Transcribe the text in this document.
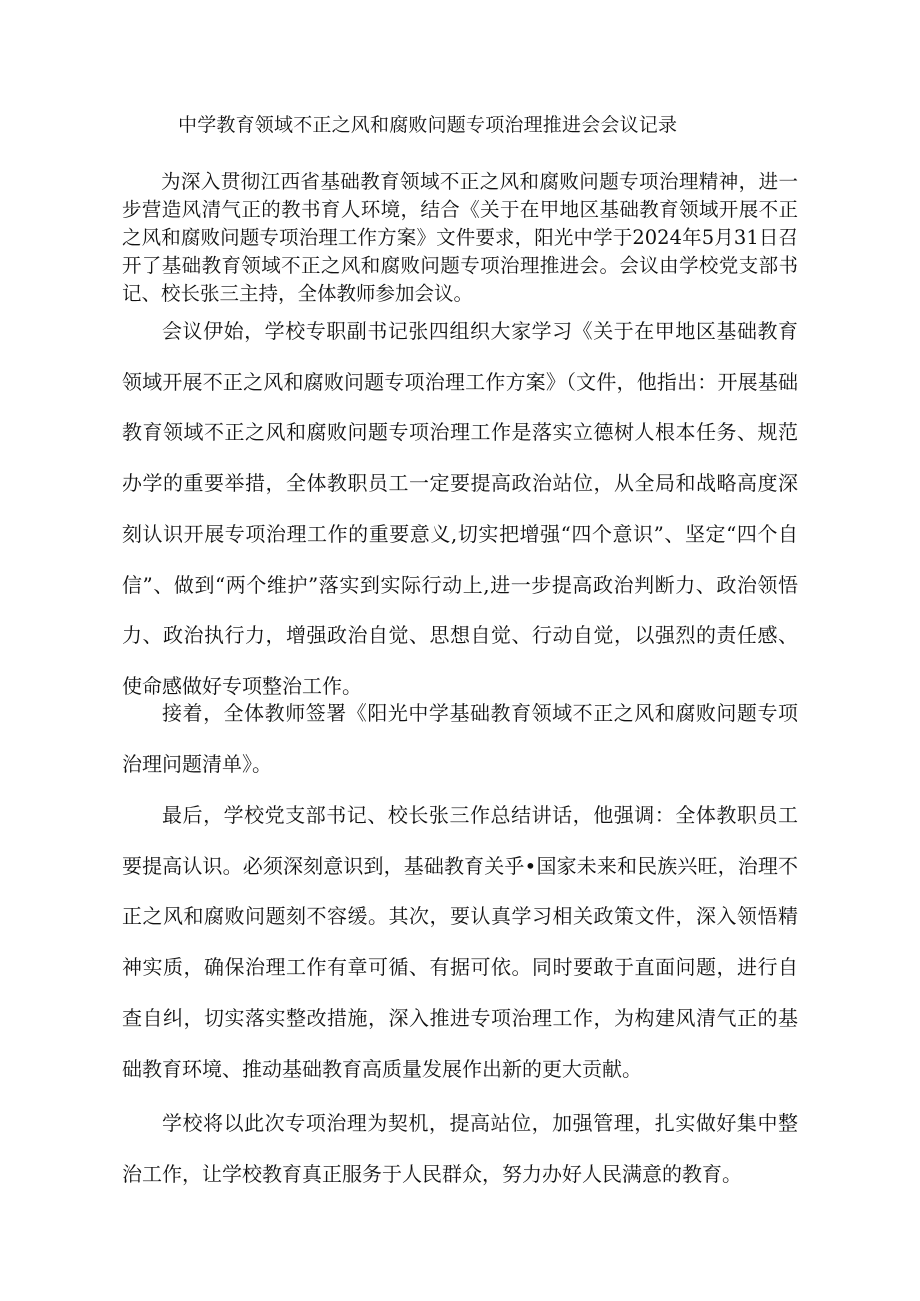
中学教育领域不正之风和腐败问题专项治理推进会会议记录

为深入贯彻江西省基础教育领域不正之风和腐败问题专项治理精神，进一步营造风清气正的教书育人环境，结合《关于在甲地区基础教育领域开展不正之风和腐败问题专项治理工作方案》文件要求，阳光中学于2024年5月31日召开了基础教育领域不正之风和腐败问题专项治理推进会。会议由学校党支部书记、校长张三主持，全体教师参加会议。

会议伊始，学校专职副书记张四组织大家学习《关于在甲地区基础教育领域开展不正之风和腐败问题专项治理工作方案》（文件，他指出：开展基础教育领域不正之风和腐败问题专项治理工作是落实立德树人根本任务、规范办学的重要举措，全体教职员工一定要提高政治站位，从全局和战略高度深刻认识开展专项治理工作的重要意义,切实把增强“四个意识”、坚定“四个自信”、做到“两个维护”落实到实际行动上,进一步提高政治判断力、政治领悟力、政治执行力，增强政治自觉、思想自觉、行动自觉，以强烈的责任感、使命感做好专项整治工作。

接着，全体教师签署《阳光中学基础教育领域不正之风和腐败问题专项治理问题清单》。

最后，学校党支部书记、校长张三作总结讲话，他强调：全体教职员工要提高认识。必须深刻意识到，基础教育关乎•国家未来和民族兴旺，治理不正之风和腐败问题刻不容缓。其次，要认真学习相关政策文件，深入领悟精神实质，确保治理工作有章可循、有据可依。同时要敢于直面问题，进行自查自纠，切实落实整改措施，深入推进专项治理工作，为构建风清气正的基础教育环境、推动基础教育高质量发展作出新的更大贡献。

学校将以此次专项治理为契机，提高站位，加强管理，扎实做好集中整治工作，让学校教育真正服务于人民群众，努力办好人民满意的教育。
